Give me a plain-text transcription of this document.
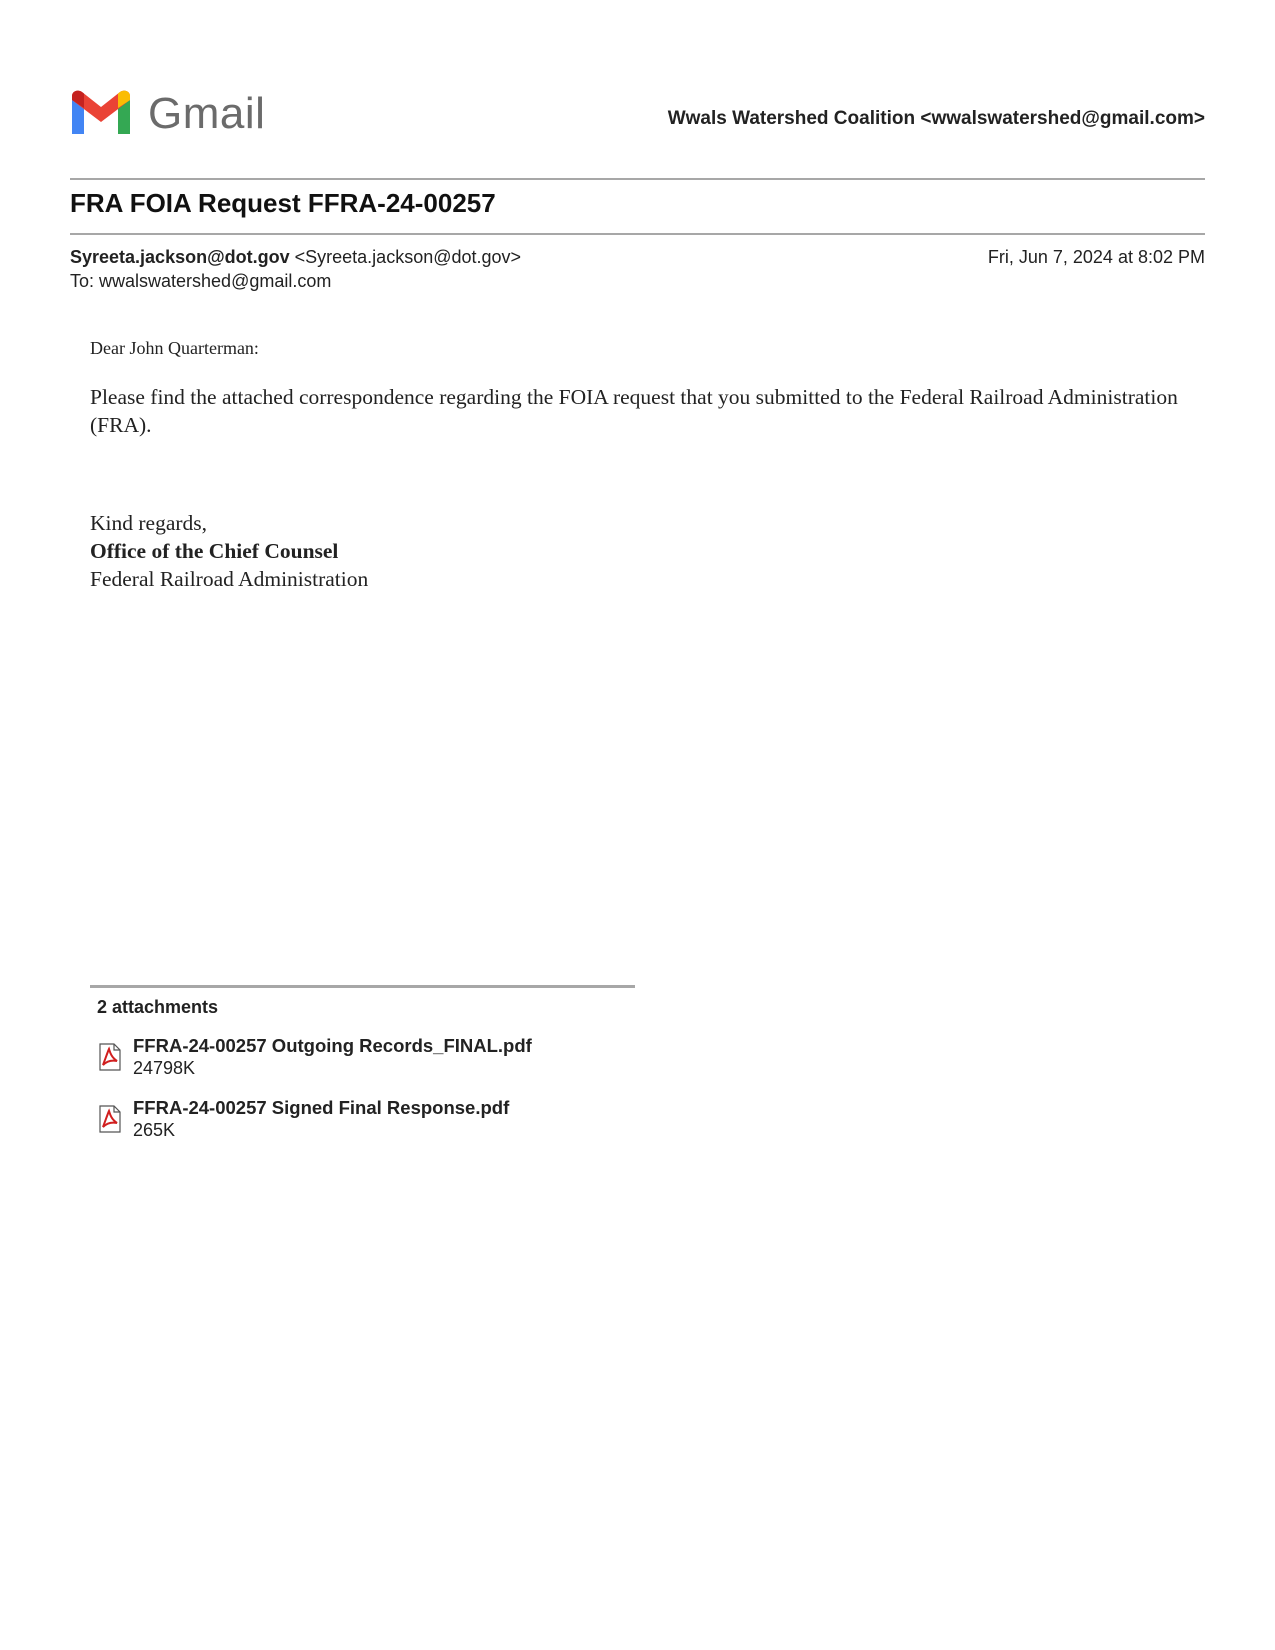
Gmail	Wwals Watershed Coalition <wwalswatershed@gmail.com>
FRA FOIA Request FFRA-24-00257
Syreeta.jackson@dot.gov <Syreeta.jackson@dot.gov>	Fri, Jun 7, 2024 at 8:02 PM
To: wwalswatershed@gmail.com

Dear John Quarterman:

Please find the attached correspondence regarding the FOIA request that you submitted to the Federal Railroad Administration (FRA).

Kind regards,
Office of the Chief Counsel
Federal Railroad Administration
2 attachments
FFRA-24-00257 Outgoing Records_FINAL.pdf
24798K
FFRA-24-00257 Signed Final Response.pdf
265K
